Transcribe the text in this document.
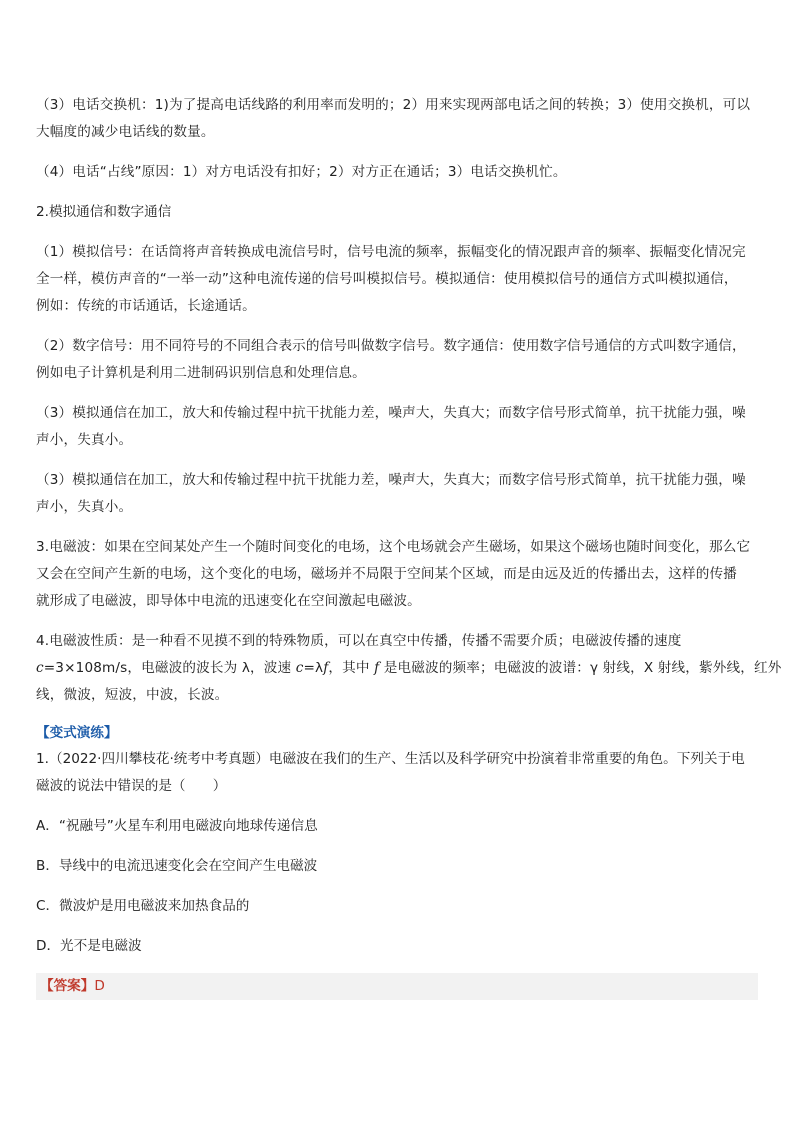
（3）电话交换机：1)为了提高电话线路的利用率而发明的；2）用来实现两部电话之间的转换；3）使用交换机，可以
大幅度的减少电话线的数量。
（4）电话“占线”原因：1）对方电话没有扣好；2）对方正在通话；3）电话交换机忙。
2.模拟通信和数字通信
（1）模拟信号：在话筒将声音转换成电流信号时，信号电流的频率，振幅变化的情况跟声音的频率、振幅变化情况完
全一样，模仿声音的“一举一动”这种电流传递的信号叫模拟信号。模拟通信：使用模拟信号的通信方式叫模拟通信，
例如：传统的市话通话，长途通话。
（2）数字信号：用不同符号的不同组合表示的信号叫做数字信号。数字通信：使用数字信号通信的方式叫数字通信，
例如电子计算机是利用二进制码识别信息和处理信息。
（3）模拟通信在加工，放大和传输过程中抗干扰能力差，噪声大，失真大；而数字信号形式简单，抗干扰能力强，噪
声小，失真小。
（3）模拟通信在加工，放大和传输过程中抗干扰能力差，噪声大，失真大；而数字信号形式简单，抗干扰能力强，噪
声小，失真小。
3.电磁波：如果在空间某处产生一个随时间变化的电场，这个电场就会产生磁场，如果这个磁场也随时间变化，那么它
又会在空间产生新的电场，这个变化的电场，磁场并不局限于空间某个区域，而是由远及近的传播出去，这样的传播
就形成了电磁波，即导体中电流的迅速变化在空间激起电磁波。
4.电磁波性质：是一种看不见摸不到的特殊物质，可以在真空中传播，传播不需要介质；电磁波传播的速度
c=3×108m/s，电磁波的波长为 λ，波速 c=λf，其中 f 是电磁波的频率；电磁波的波谱：γ 射线，X 射线，紫外线，红外
线，微波，短波，中波，长波。
【变式演练】
1.（2022·四川攀枝花·统考中考真题）电磁波在我们的生产、生活以及科学研究中扮演着非常重要的角色。下列关于电
磁波的说法中错误的是（　　）
A．“祝融号”火星车利用电磁波向地球传递信息
B．导线中的电流迅速变化会在空间产生电磁波
C．微波炉是用电磁波来加热食品的
D．光不是电磁波
【答案】D
